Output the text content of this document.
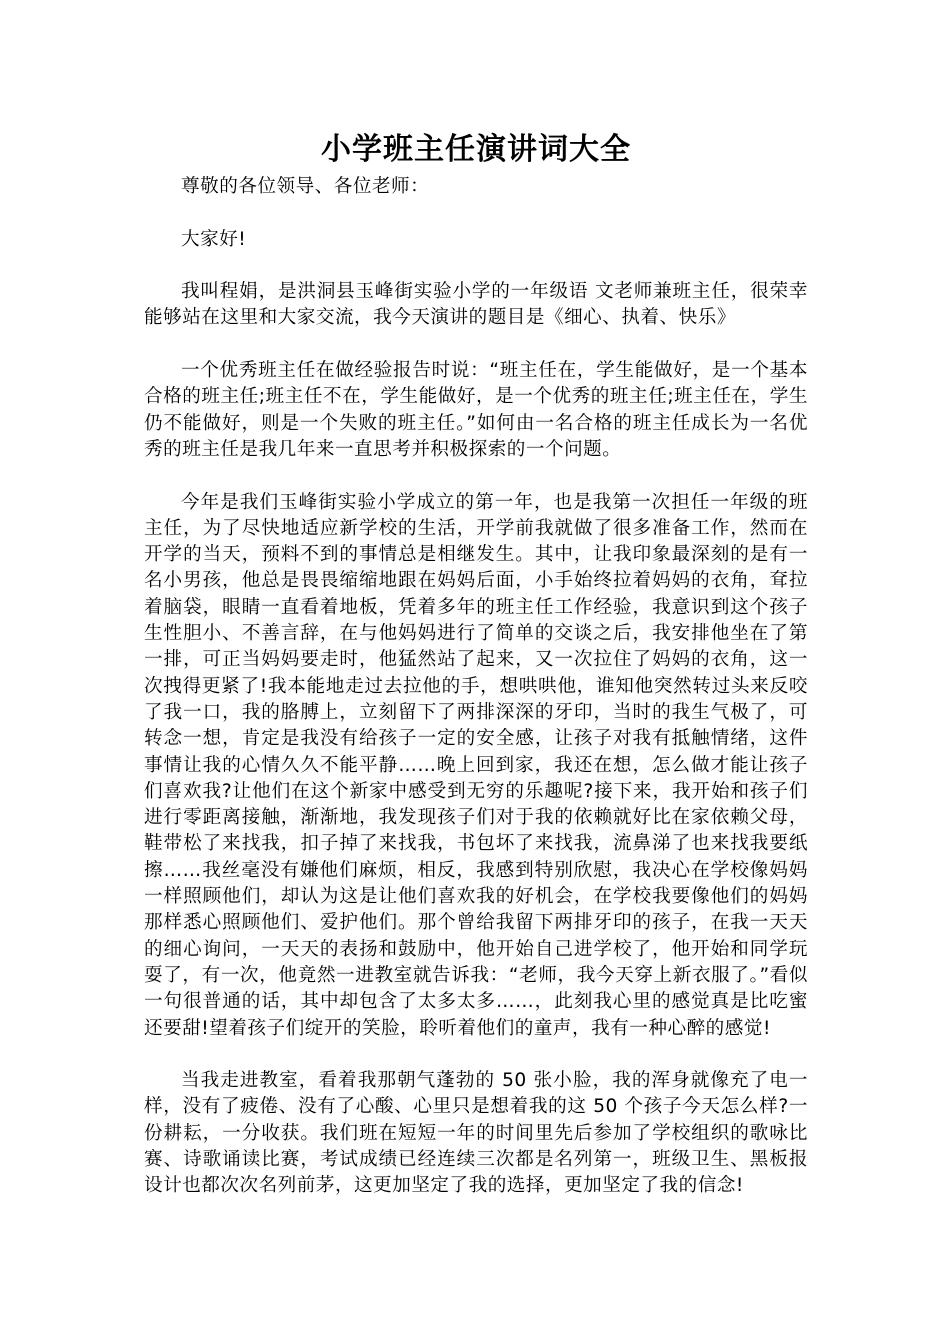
小学班主任演讲词大全

尊敬的各位领导、各位老师：

大家好!

我叫程娟，是洪洞县玉峰街实验小学的一年级语 文老师兼班主任，很荣幸能够站在这里和大家交流，我今天演讲的题目是《细心、执着、快乐》

一个优秀班主任在做经验报告时说：“班主任在，学生能做好，是一个基本合格的班主任;班主任不在，学生能做好，是一个优秀的班主任;班主任在，学生仍不能做好，则是一个失败的班主任。”如何由一名合格的班主任成长为一名优秀的班主任是我几年来一直思考并积极探索的一个问题。

今年是我们玉峰街实验小学成立的第一年，也是我第一次担任一年级的班主任，为了尽快地适应新学校的生活，开学前我就做了很多准备工作，然而在开学的当天，预料不到的事情总是相继发生。其中，让我印象最深刻的是有一名小男孩，他总是畏畏缩缩地跟在妈妈后面，小手始终拉着妈妈的衣角，耷拉着脑袋，眼睛一直看着地板，凭着多年的班主任工作经验，我意识到这个孩子生性胆小、不善言辞，在与他妈妈进行了简单的交谈之后，我安排他坐在了第一排，可正当妈妈要走时，他猛然站了起来，又一次拉住了妈妈的衣角，这一次拽得更紧了!我本能地走过去拉他的手，想哄哄他，谁知他突然转过头来反咬了我一口，我的胳膊上，立刻留下了两排深深的牙印，当时的我生气极了，可转念一想，肯定是我没有给孩子一定的安全感，让孩子对我有抵触情绪，这件事情让我的心情久久不能平静……晚上回到家，我还在想，怎么做才能让孩子们喜欢我?让他们在这个新家中感受到无穷的乐趣呢?接下来，我开始和孩子们进行零距离接触，渐渐地，我发现孩子们对于我的依赖就好比在家依赖父母，鞋带松了来找我，扣子掉了来找我，书包坏了来找我，流鼻涕了也来找我要纸擦……我丝毫没有嫌他们麻烦，相反，我感到特别欣慰，我决心在学校像妈妈一样照顾他们，却认为这是让他们喜欢我的好机会，在学校我要像他们的妈妈那样悉心照顾他们、爱护他们。那个曾给我留下两排牙印的孩子，在我一天天的细心询问，一天天的表扬和鼓励中，他开始自己进学校了，他开始和同学玩耍了，有一次，他竟然一进教室就告诉我：“老师，我今天穿上新衣服了。”看似一句很普通的话，其中却包含了太多太多……，此刻我心里的感觉真是比吃蜜还要甜!望着孩子们绽开的笑脸，聆听着他们的童声，我有一种心醉的感觉!

当我走进教室，看着我那朝气蓬勃的 50 张小脸，我的浑身就像充了电一样，没有了疲倦、没有了心酸、心里只是想着我的这 50 个孩子今天怎么样?一份耕耘，一分收获。我们班在短短一年的时间里先后参加了学校组织的歌咏比赛、诗歌诵读比赛，考试成绩已经连续三次都是名列第一，班级卫生、黑板报设计也都次次名列前茅，这更加坚定了我的选择，更加坚定了我的信念!
